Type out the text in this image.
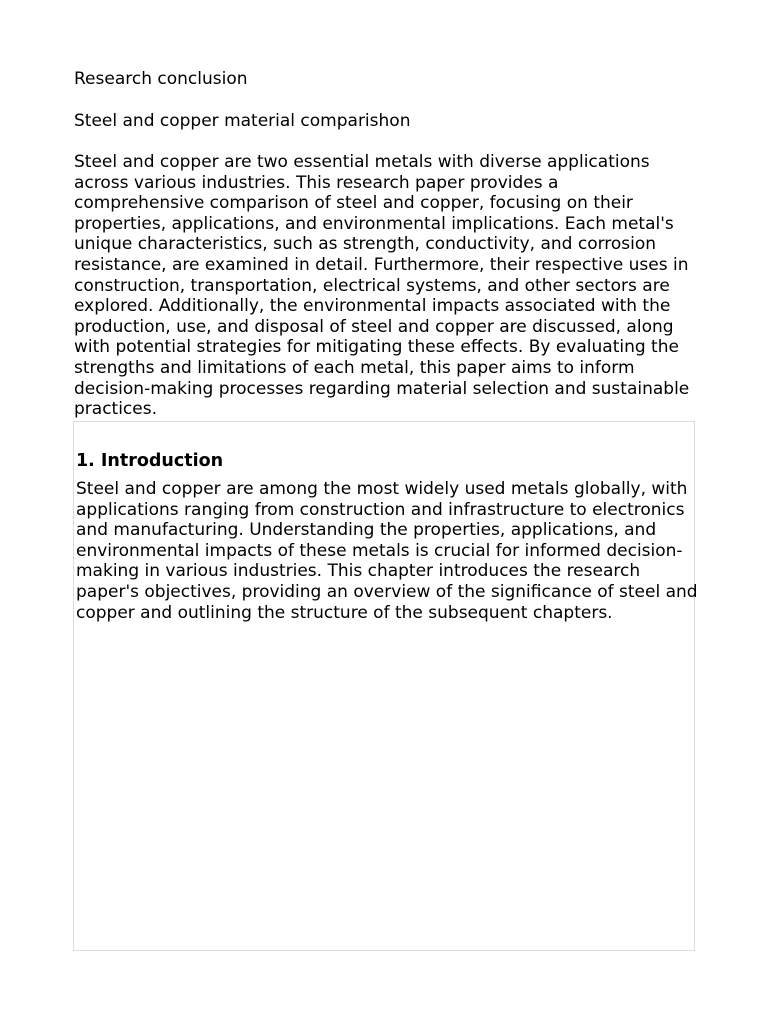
Research conclusion

Steel and copper material comparishon

Steel and copper are two essential metals with diverse applications across various industries. This research paper provides a comprehensive comparison of steel and copper, focusing on their properties, applications, and environmental implications. Each metal's unique characteristics, such as strength, conductivity, and corrosion resistance, are examined in detail. Furthermore, their respective uses in construction, transportation, electrical systems, and other sectors are explored. Additionally, the environmental impacts associated with the production, use, and disposal of steel and copper are discussed, along with potential strategies for mitigating these effects. By evaluating the strengths and limitations of each metal, this paper aims to inform decision-making processes regarding material selection and sustainable practices.

1. Introduction

Steel and copper are among the most widely used metals globally, with applications ranging from construction and infrastructure to electronics and manufacturing. Understanding the properties, applications, and environmental impacts of these metals is crucial for informed decision-making in various industries. This chapter introduces the research paper's objectives, providing an overview of the significance of steel and copper and outlining the structure of the subsequent chapters.
